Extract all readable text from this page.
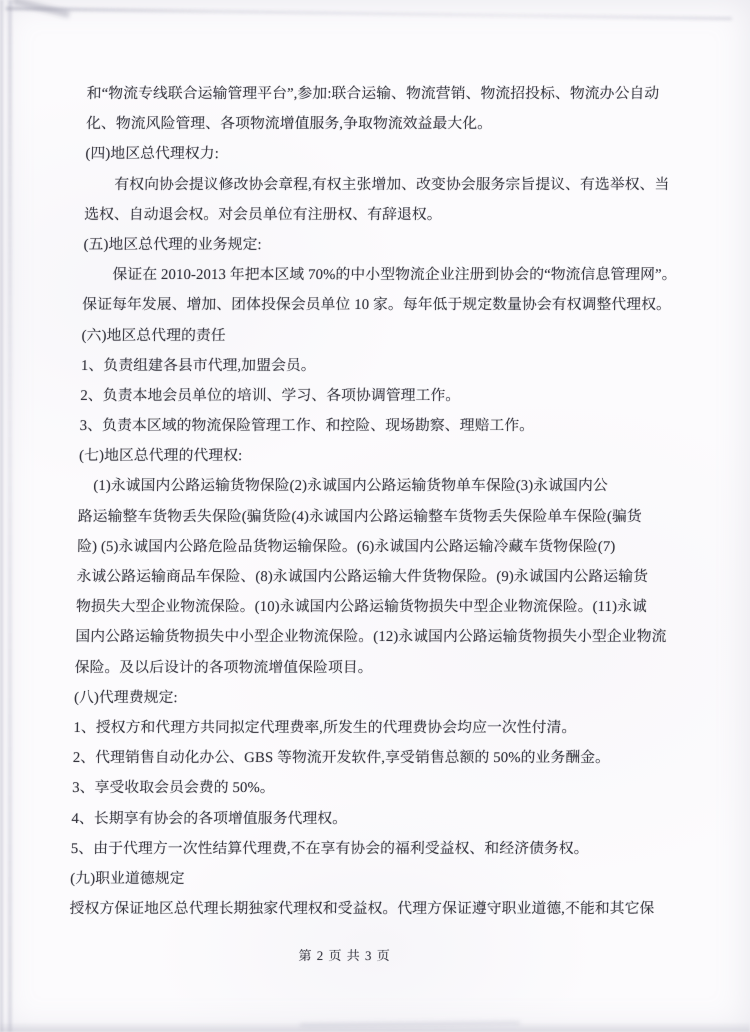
和“物流专线联合运输管理平台”,参加:联合运输、物流营销、物流招投标、物流办公自动

化、物流风险管理、各项物流增值服务,争取物流效益最大化。

(四)地区总代理权力:

有权向协会提议修改协会章程,有权主张增加、改变协会服务宗旨提议、有选举权、当

选权、自动退会权。对会员单位有注册权、有辞退权。

(五)地区总代理的业务规定:

保证在 2010-2013 年把本区域 70%的中小型物流企业注册到协会的“物流信息管理网”。

保证每年发展、增加、团体投保会员单位 10 家。每年低于规定数量协会有权调整代理权。

(六)地区总代理的责任

1、负责组建各县市代理,加盟会员。

2、负责本地会员单位的培训、学习、各项协调管理工作。

3、负责本区域的物流保险管理工作、和控险、现场勘察、理赔工作。

(七)地区总代理的代理权:

(1)永诚国内公路运输货物保险(2)永诚国内公路运输货物单车保险(3)永诚国内公

路运输整车货物丢失保险(骗货险(4)永诚国内公路运输整车货物丢失保险单车保险(骗货

险) (5)永诚国内公路危险品货物运输保险。(6)永诚国内公路运输冷藏车货物保险(7)

永诚公路运输商品车保险、(8)永诚国内公路运输大件货物保险。(9)永诚国内公路运输货

物损失大型企业物流保险。(10)永诚国内公路运输货物损失中型企业物流保险。(11)永诚

国内公路运输货物损失中小型企业物流保险。(12)永诚国内公路运输货物损失小型企业物流

保险。及以后设计的各项物流增值保险项目。

(八)代理费规定:

1、授权方和代理方共同拟定代理费率,所发生的代理费协会均应一次性付清。

2、代理销售自动化办公、GBS 等物流开发软件,享受销售总额的 50%的业务酬金。

3、享受收取会员会费的 50%。

4、长期享有协会的各项增值服务代理权。

5、由于代理方一次性结算代理费,不在享有协会的福利受益权、和经济债务权。

(九)职业道德规定

授权方保证地区总代理长期独家代理权和受益权。代理方保证遵守职业道德,不能和其它保

第 2 页 共 3 页
